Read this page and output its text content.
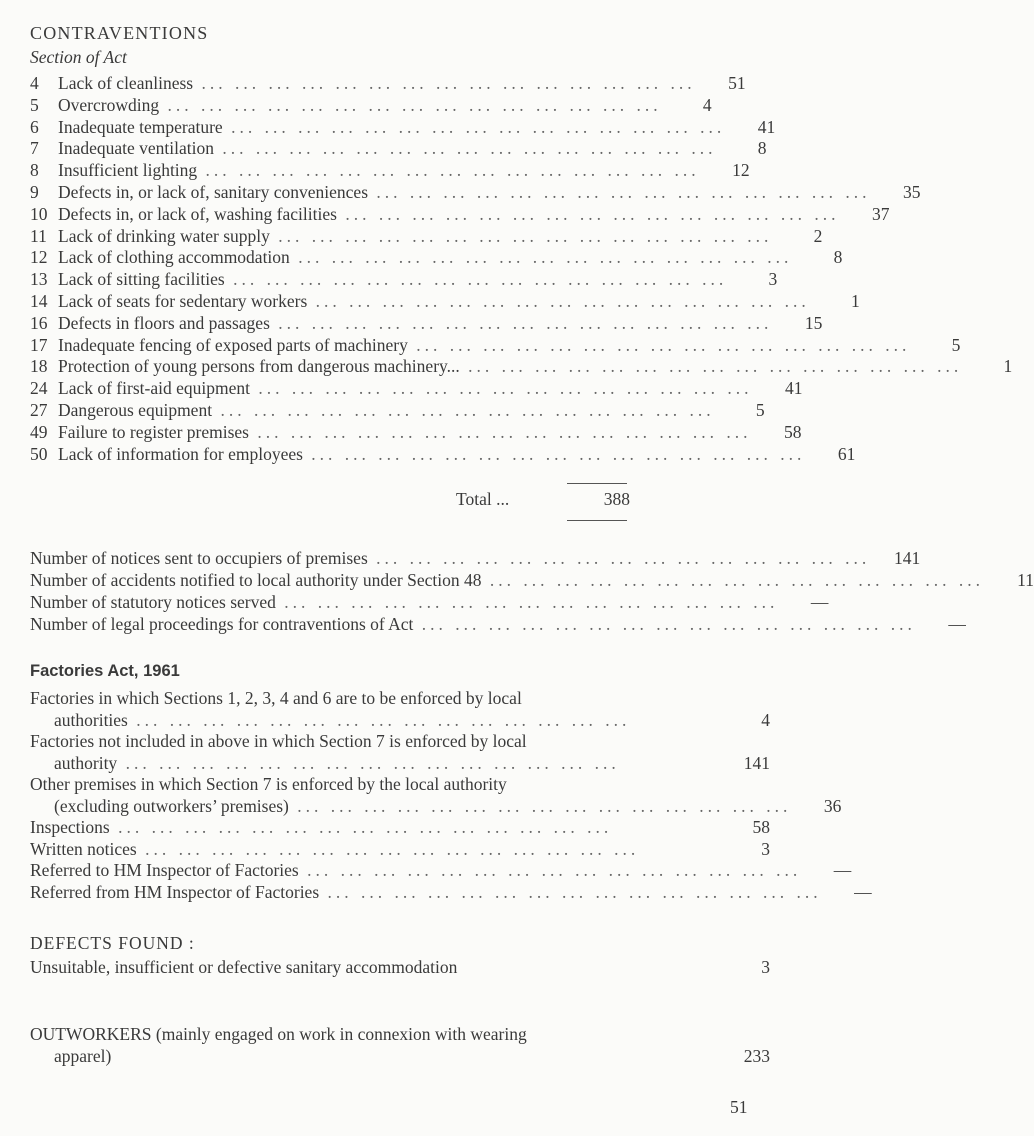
CONTRAVENTIONS
Section of Act
4	Lack of cleanliness ... ... ... ... ... ... ... ... ... ... ... ... ... ... ...	51
5	Overcrowding ... ... ... ... ... ... ... ... ... ... ... ... ... ... ...	4
6	Inadequate temperature ... ... ... ... ... ... ... ... ... ... ... ... ... ... ...	41
7	Inadequate ventilation ... ... ... ... ... ... ... ... ... ... ... ... ... ... ...	8
8	Insufficient lighting ... ... ... ... ... ... ... ... ... ... ... ... ... ... ...	12
9	Defects in, or lack of, sanitary conveniences ... ... ... ... ... ... ... ... ... ... ... ... ... ... ...	35
10 Defects in, or lack of, washing facilities ... ... ... ... ... ... ... ... ... ... ... ... ... ... ...	37
11 Lack of drinking water supply ... ... ... ... ... ... ... ... ... ... ... ... ... ... ...	2
12 Lack of clothing accommodation ... ... ... ... ... ... ... ... ... ... ... ... ... ... ...	8
13 Lack of sitting facilities ... ... ... ... ... ... ... ... ... ... ... ... ... ... ...	3
14 Lack of seats for sedentary workers ... ... ... ... ... ... ... ... ... ... ... ... ... ... ...	1
16 Defects in floors and passages ... ... ... ... ... ... ... ... ... ... ... ... ... ... ...	15
17 Inadequate fencing of exposed parts of machinery ... ... ... ... ... ... ... ... ... ... ... ... ... ... ...	5
18 Protection of young persons from dangerous machinery... ... ... ... ... ... ... ... ... ... ... ... ... ... ... ...	1
24 Lack of first-aid equipment ... ... ... ... ... ... ... ... ... ... ... ... ... ... ...	41
27 Dangerous equipment ... ... ... ... ... ... ... ... ... ... ... ... ... ... ...	5
49 Failure to register premises ... ... ... ... ... ... ... ... ... ... ... ... ... ... ...	58
50 Lack of information for employees ... ... ... ... ... ... ... ... ... ... ... ... ... ... ...	61
Total ...	388
Number of notices sent to occupiers of premises ... ... ... ... ... ... ... ... ... ... ... ... ... ... ...	141
Number of accidents notified to local authority under Section 48 ... ... ... ... ... ... ... ... ... ... ... ... ... ... ...	11
Number of statutory notices served ... ... ... ... ... ... ... ... ... ... ... ... ... ... ...	—
Number of legal proceedings for contraventions of Act ... ... ... ... ... ... ... ... ... ... ... ... ... ... ...	—
Factories Act, 1961
Factories in which Sections 1, 2, 3, 4 and 6 are to be enforced by local
authorities ... ... ... ... ... ... ... ... ... ... ... ... ... ... ...	4
Factories not included in above in which Section 7 is enforced by local
authority ... ... ... ... ... ... ... ... ... ... ... ... ... ... ...	141
Other premises in which Section 7 is enforced by the local authority
(excluding outworkers’ premises) ... ... ... ... ... ... ... ... ... ... ... ... ... ... ...	36
Inspections ... ... ... ... ... ... ... ... ... ... ... ... ... ... ...	58
Written notices ... ... ... ... ... ... ... ... ... ... ... ... ... ... ...	3
Referred to HM Inspector of Factories ... ... ... ... ... ... ... ... ... ... ... ... ... ... ...	—
Referred from HM Inspector of Factories ... ... ... ... ... ... ... ... ... ... ... ... ... ... ...	—
DEFECTS FOUND :
Unsuitable, insufficient or defective sanitary accommodation	3
OUTWORKERS (mainly engaged on work in connexion with wearing
apparel)	233
51
